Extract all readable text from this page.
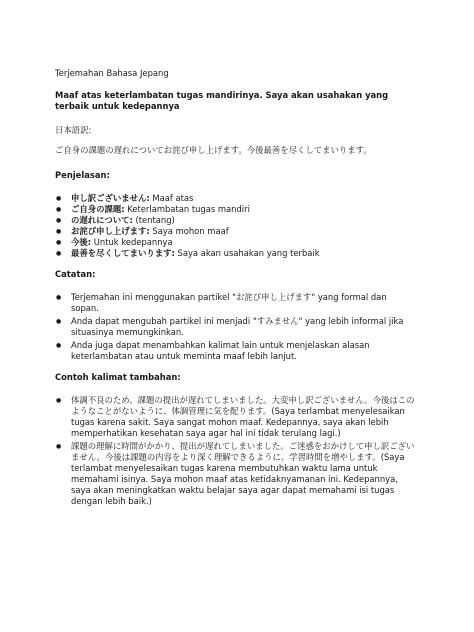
Terjemahan Bahasa Jepang

Maaf atas keterlambatan tugas mandirinya. Saya akan usahakan yang terbaik untuk kedepannya

日本語訳:

ご自身の課題の遅れについてお詫び申し上げます。今後最善を尽くしてまいります。

Penjelasan:

● 申し訳ございません: Maaf atas
● ご自身の課題: Keterlambatan tugas mandiri
● の遅れについて: (tentang)
● お詫び申し上げます: Saya mohon maaf
● 今後: Untuk kedepannya
● 最善を尽くしてまいります: Saya akan usahakan yang terbaik

Catatan:

● Terjemahan ini menggunakan partikel "お詫び申し上げます" yang formal dan sopan.
● Anda dapat mengubah partikel ini menjadi "すみません" yang lebih informal jika situasinya memungkinkan.
● Anda juga dapat menambahkan kalimat lain untuk menjelaskan alasan keterlambatan atau untuk meminta maaf lebih lanjut.

Contoh kalimat tambahan:

● 体調不良のため、課題の提出が遅れてしまいました。大変申し訳ございません。今後はこのようなことがないように、体調管理に気を配ります。(Saya terlambat menyelesaikan tugas karena sakit. Saya sangat mohon maaf. Kedepannya, saya akan lebih memperhatikan kesehatan saya agar hal ini tidak terulang lagi.)
● 課題の理解に時間がかかり、提出が遅れてしまいました。ご迷惑をおかけして申し訳ございません。今後は課題の内容をより深く理解できるように、学習時間を増やします。(Saya terlambat menyelesaikan tugas karena membutuhkan waktu lama untuk memahami isinya. Saya mohon maaf atas ketidaknyamanan ini. Kedepannya, saya akan meningkatkan waktu belajar saya agar dapat memahami isi tugas dengan lebih baik.)
